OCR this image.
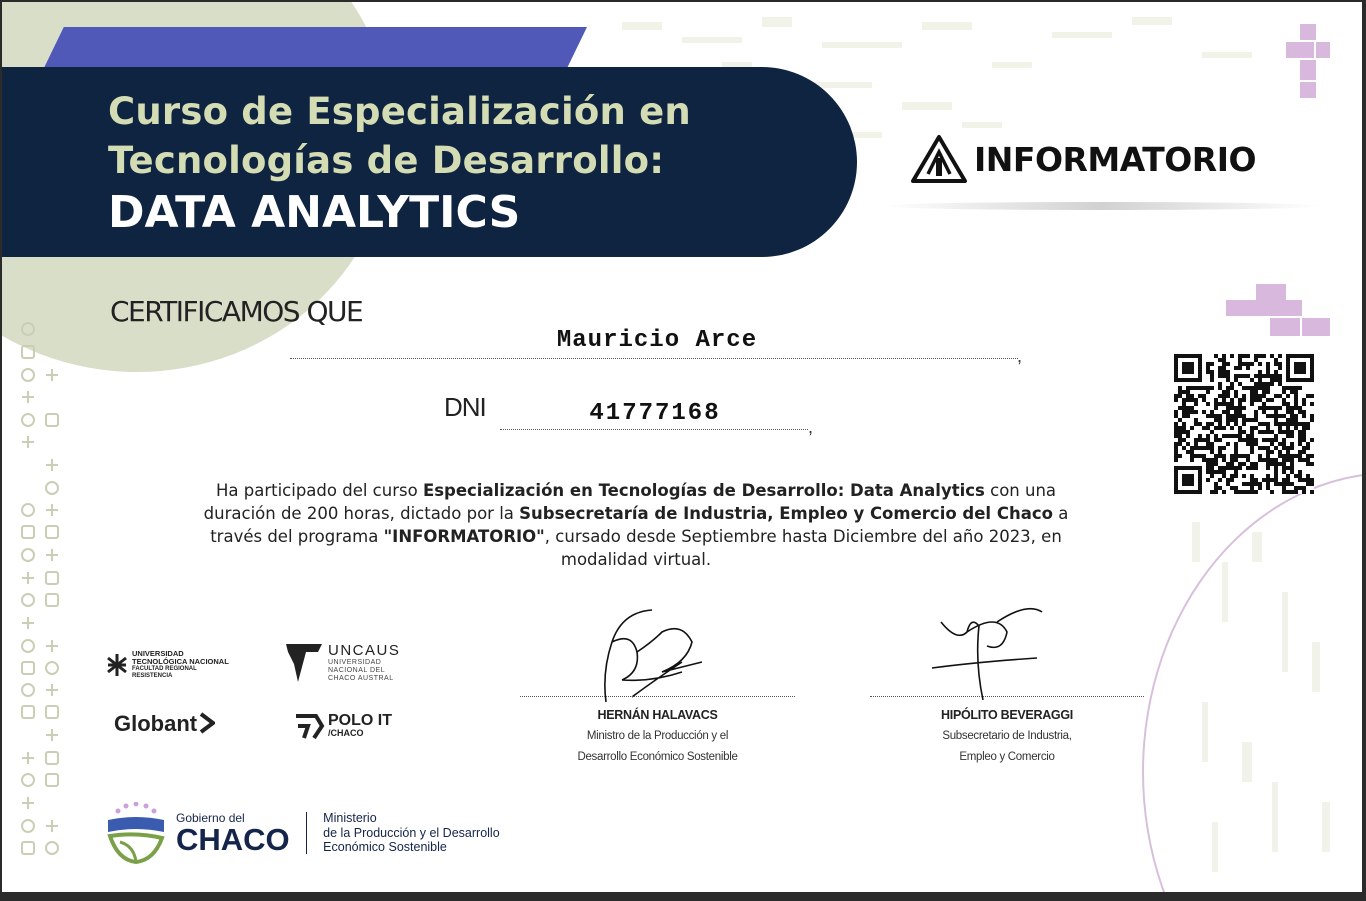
Curso de Especialización en
Tecnologías de Desarrollo:
DATA ANALYTICS
INFORMATORIO
CERTIFICAMOS QUE
Mauricio Arce
,
DNI	41777168	,
Ha participado del curso Especialización en Tecnologías de Desarrollo: Data Analytics con una duración de 200 horas, dictado por la Subsecretaría de Industria, Empleo y Comercio del Chaco a través del programa "INFORMATORIO", cursado desde Septiembre hasta Diciembre del año 2023, en modalidad virtual.
UNIVERSIDAD
TECNOLÓGICA NACIONAL
FACULTAD REGIONAL
RESISTENCIA
UNCAUS
UNIVERSIDAD
NACIONAL DEL
CHACO AUSTRAL
Globant	POLO IT
/CHACO
Gobierno del
CHACO
Ministerio
de la Producción y el Desarrollo
Económico Sostenible
HERNÁN HALAVACS
Ministro de la Producción y el
Desarrollo Económico Sostenible
HIPÓLITO BEVERAGGI
Subsecretario de Industria,
Empleo y Comercio
